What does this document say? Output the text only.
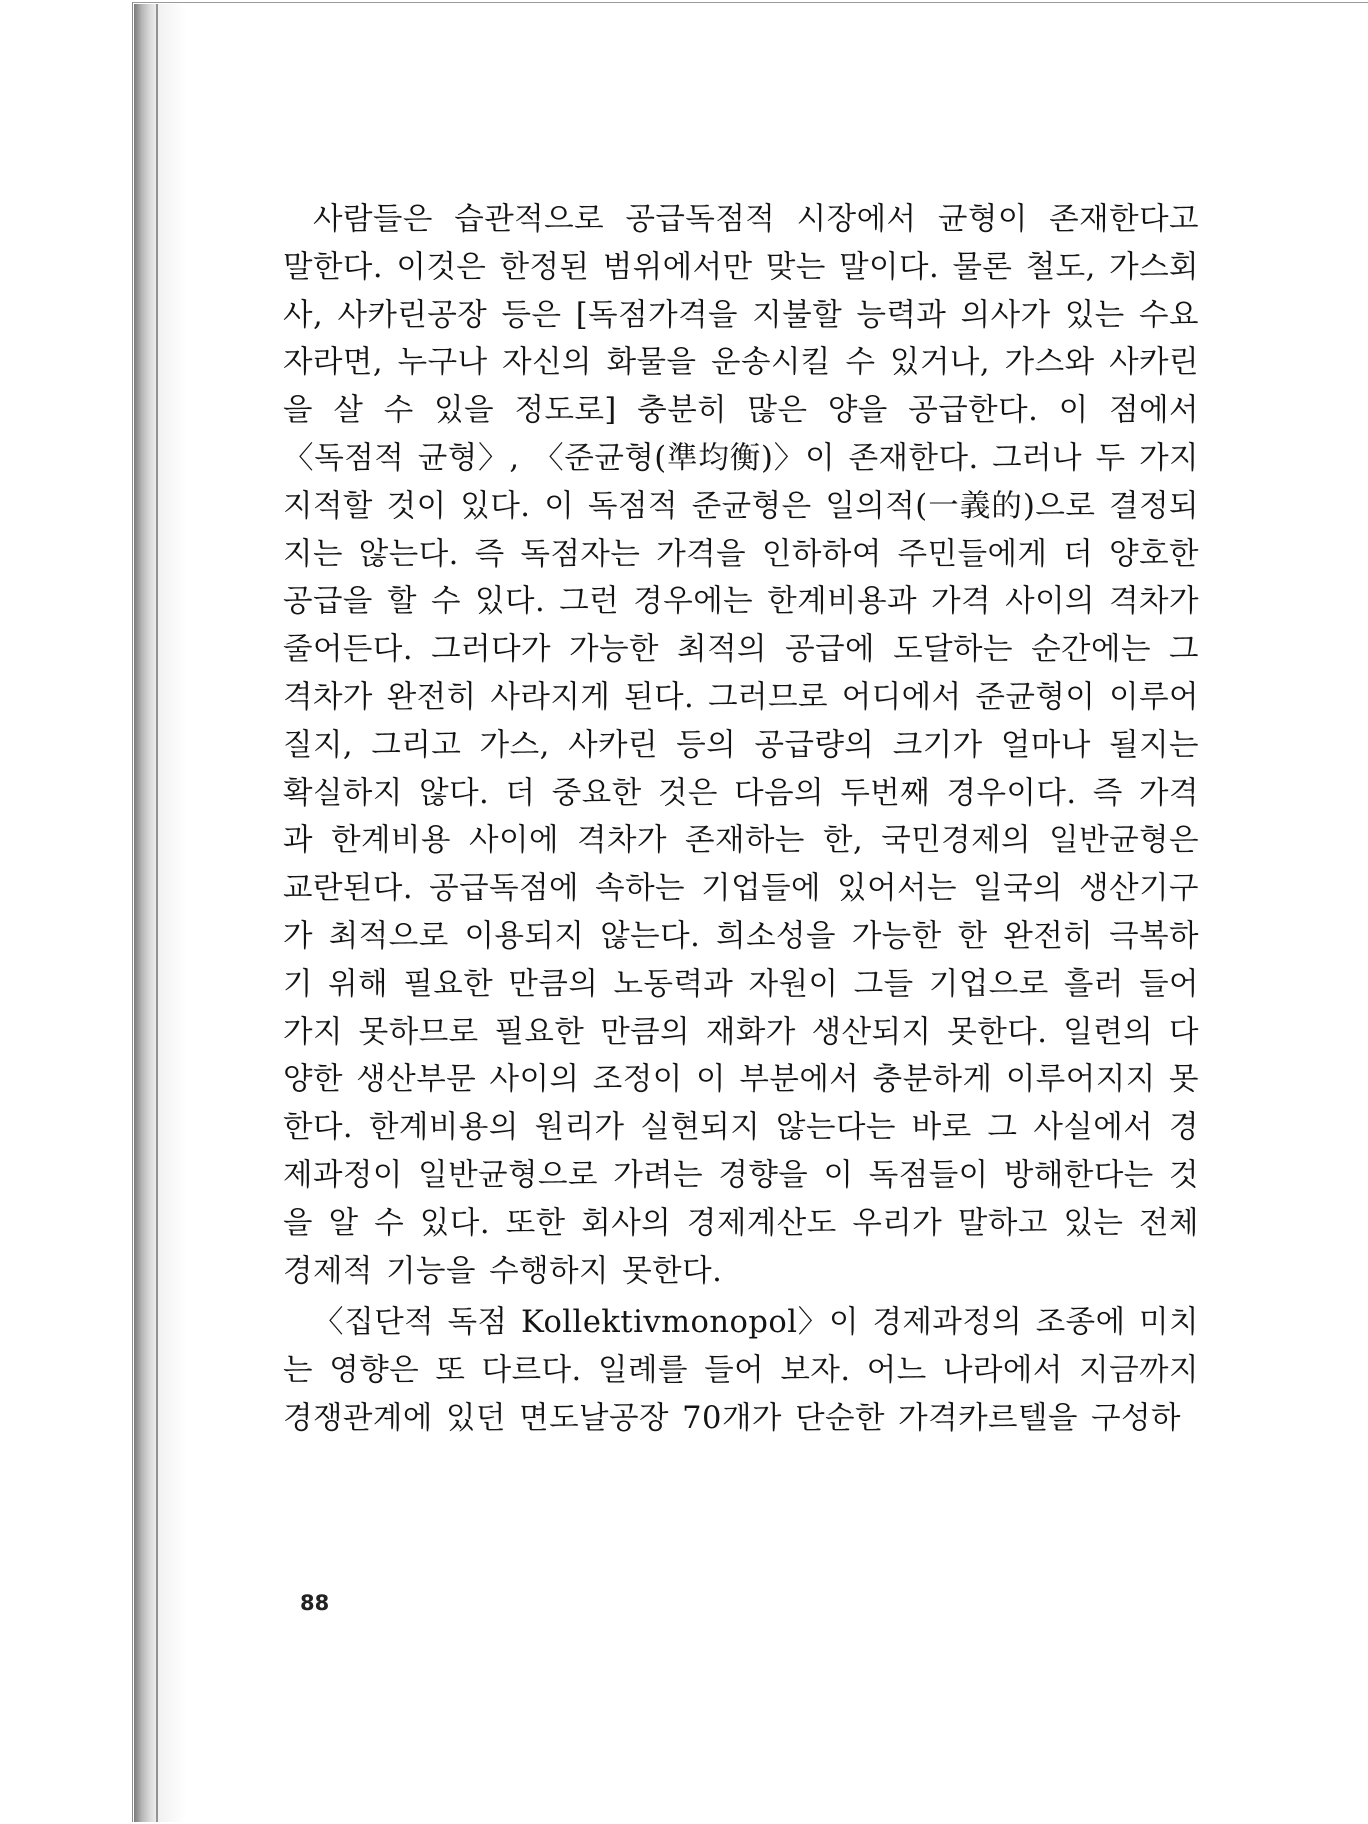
사람들은 습관적으로 공급독점적 시장에서 균형이 존재한다고 말한다. 이것은 한정된 범위에서만 맞는 말이다. 물론 철도, 가스회사, 사카린공장 등은 [독점가격을 지불할 능력과 의사가 있는 수요자라면, 누구나 자신의 화물을 운송시킬 수 있거나, 가스와 사카린을 살 수 있을 정도로] 충분히 많은 양을 공급한다. 이 점에서 〈독점적 균형〉, 〈준균형(準均衡)〉이 존재한다. 그러나 두 가지 지적할 것이 있다. 이 독점적 준균형은 일의적(一義的)으로 결정되지는 않는다. 즉 독점자는 가격을 인하하여 주민들에게 더 양호한 공급을 할 수 있다. 그런 경우에는 한계비용과 가격 사이의 격차가 줄어든다. 그러다가 가능한 최적의 공급에 도달하는 순간에는 그 격차가 완전히 사라지게 된다. 그러므로 어디에서 준균형이 이루어질지, 그리고 가스, 사카린 등의 공급량의 크기가 얼마나 될지는 확실하지 않다. 더 중요한 것은 다음의 두번째 경우이다. 즉 가격과 한계비용 사이에 격차가 존재하는 한, 국민경제의 일반균형은 교란된다. 공급독점에 속하는 기업들에 있어서는 일국의 생산기구가 최적으로 이용되지 않는다. 희소성을 가능한 한 완전히 극복하기 위해 필요한 만큼의 노동력과 자원이 그들 기업으로 흘러 들어가지 못하므로 필요한 만큼의 재화가 생산되지 못한다. 일련의 다양한 생산부문 사이의 조정이 이 부분에서 충분하게 이루어지지 못한다. 한계비용의 원리가 실현되지 않는다는 바로 그 사실에서 경제과정이 일반균형으로 가려는 경향을 이 독점들이 방해한다는 것을 알 수 있다. 또한 회사의 경제계산도 우리가 말하고 있는 전체경제적 기능을 수행하지 못한다.

〈집단적 독점 Kollektivmonopol〉이 경제과정의 조종에 미치는 영향은 또 다르다. 일례를 들어 보자. 어느 나라에서 지금까지 경쟁관계에 있던 면도날공장 70개가 단순한 가격카르텔을 구성하

88
